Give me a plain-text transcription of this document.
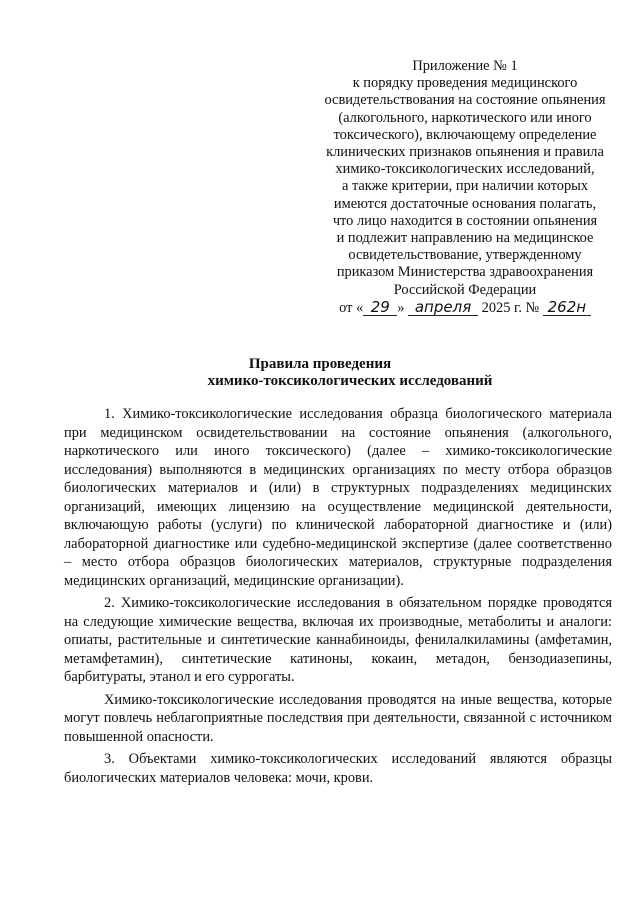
Приложение № 1
к порядку проведения медицинского
освидетельствования на состояние опьянения
(алкогольного, наркотического или иного
токсического), включающему определение
клинических признаков опьянения и правила
химико-токсикологических исследований,
а также критерии, при наличии которых
имеются достаточные основания полагать,
что лицо находится в состоянии опьянения
и подлежит направлению на медицинское
освидетельствование, утвержденному
приказом Министерства здравоохранения
Российской Федерации
от « 29 » апреля 2025 г. № 262н
Правила проведения
химико-токсикологических исследований

1. Химико-токсикологические исследования образца биологического материала при медицинском освидетельствовании на состояние опьянения (алкогольного, наркотического или иного токсического) (далее – химико-токсикологические исследования) выполняются в медицинских организациях по месту отбора образцов биологических материалов и (или) в структурных подразделениях медицинских организаций, имеющих лицензию на осуществление медицинской деятельности, включающую работы (услуги) по клинической лабораторной диагностике и (или) лабораторной диагностике или судебно-медицинской экспертизе (далее соответственно – место отбора образцов биологических материалов, структурные подразделения медицинских организаций, медицинские организации).

2. Химико-токсикологические исследования в обязательном порядке проводятся на следующие химические вещества, включая их производные, метаболиты и аналоги: опиаты, растительные и синтетические каннабиноиды, фенилалкиламины (амфетамин, метамфетамин), синтетические катиноны, кокаин, метадон, бензодиазепины, барбитураты, этанол и его суррогаты.

Химико-токсикологические исследования проводятся на иные вещества, которые могут повлечь неблагоприятные последствия при деятельности, связанной с источником повышенной опасности.

3. Объектами химико-токсикологических исследований являются образцы биологических материалов человека: мочи, крови.
